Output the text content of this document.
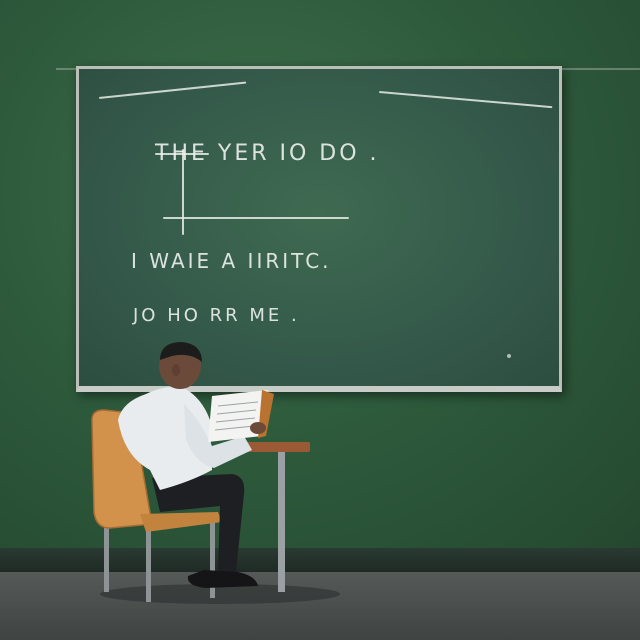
THE YER IO DO .
I WAIE A IIRITC.
JO HO RR ME .
